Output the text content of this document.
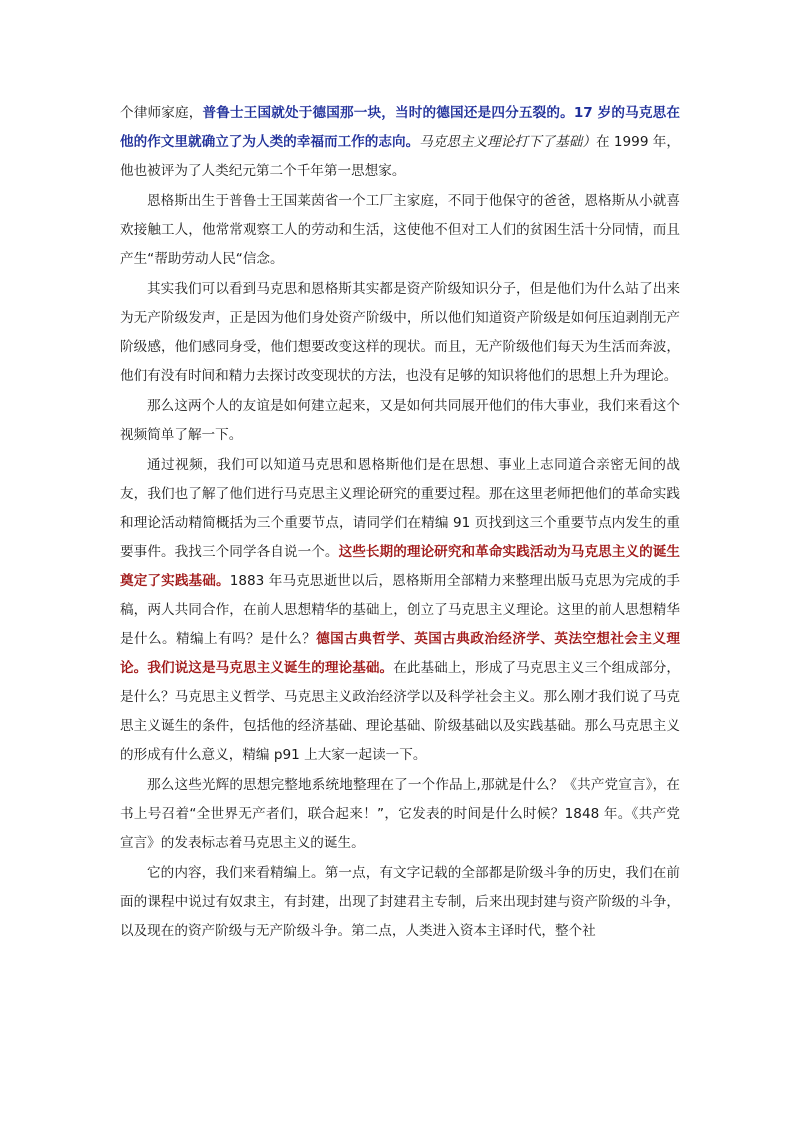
个律师家庭，普鲁士王国就处于德国那一块，当时的德国还是四分五裂的。17 岁的马克思在他的作文里就确立了为人类的幸福而工作的志向。马克思主义理论打下了基础）在 1999 年，他也被评为了人类纪元第二个千年第一思想家。

恩格斯出生于普鲁士王国莱茵省一个工厂主家庭，不同于他保守的爸爸，恩格斯从小就喜欢接触工人，他常常观察工人的劳动和生活，这使他不但对工人们的贫困生活十分同情，而且产生“帮助劳动人民“信念。

其实我们可以看到马克思和恩格斯其实都是资产阶级知识分子，但是他们为什么站了出来为无产阶级发声，正是因为他们身处资产阶级中，所以他们知道资产阶级是如何压迫剥削无产阶级感，他们感同身受，他们想要改变这样的现状。而且，无产阶级他们每天为生活而奔波，他们有没有时间和精力去探讨改变现状的方法，也没有足够的知识将他们的思想上升为理论。

那么这两个人的友谊是如何建立起来，又是如何共同展开他们的伟大事业，我们来看这个视频简单了解一下。

通过视频，我们可以知道马克思和恩格斯他们是在思想、事业上志同道合亲密无间的战友，我们也了解了他们进行马克思主义理论研究的重要过程。那在这里老师把他们的革命实践和理论活动精简概括为三个重要节点，请同学们在精编 91 页找到这三个重要节点内发生的重要事件。我找三个同学各自说一个。这些长期的理论研究和革命实践活动为马克思主义的诞生奠定了实践基础。1883 年马克思逝世以后，恩格斯用全部精力来整理出版马克思为完成的手稿，两人共同合作，在前人思想精华的基础上，创立了马克思主义理论。这里的前人思想精华是什么。精编上有吗？是什么？德国古典哲学、英国古典政治经济学、英法空想社会主义理论。我们说这是马克思主义诞生的理论基础。在此基础上，形成了马克思主义三个组成部分，是什么？马克思主义哲学、马克思主义政治经济学以及科学社会主义。那么刚才我们说了马克思主义诞生的条件，包括他的经济基础、理论基础、阶级基础以及实践基础。那么马克思主义的形成有什么意义，精编 p91 上大家一起读一下。

那么这些光辉的思想完整地系统地整理在了一个作品上,那就是什么？《共产党宣言》，在书上号召着“全世界无产者们，联合起来！”，它发表的时间是什么时候？1848 年。《共产党宣言》的发表标志着马克思主义的诞生。

它的内容，我们来看精编上。第一点，有文字记载的全部都是阶级斗争的历史，我们在前面的课程中说过有奴隶主，有封建，出现了封建君主专制，后来出现封建与资产阶级的斗争，以及现在的资产阶级与无产阶级斗争。第二点，人类进入资本主译时代，整个社
